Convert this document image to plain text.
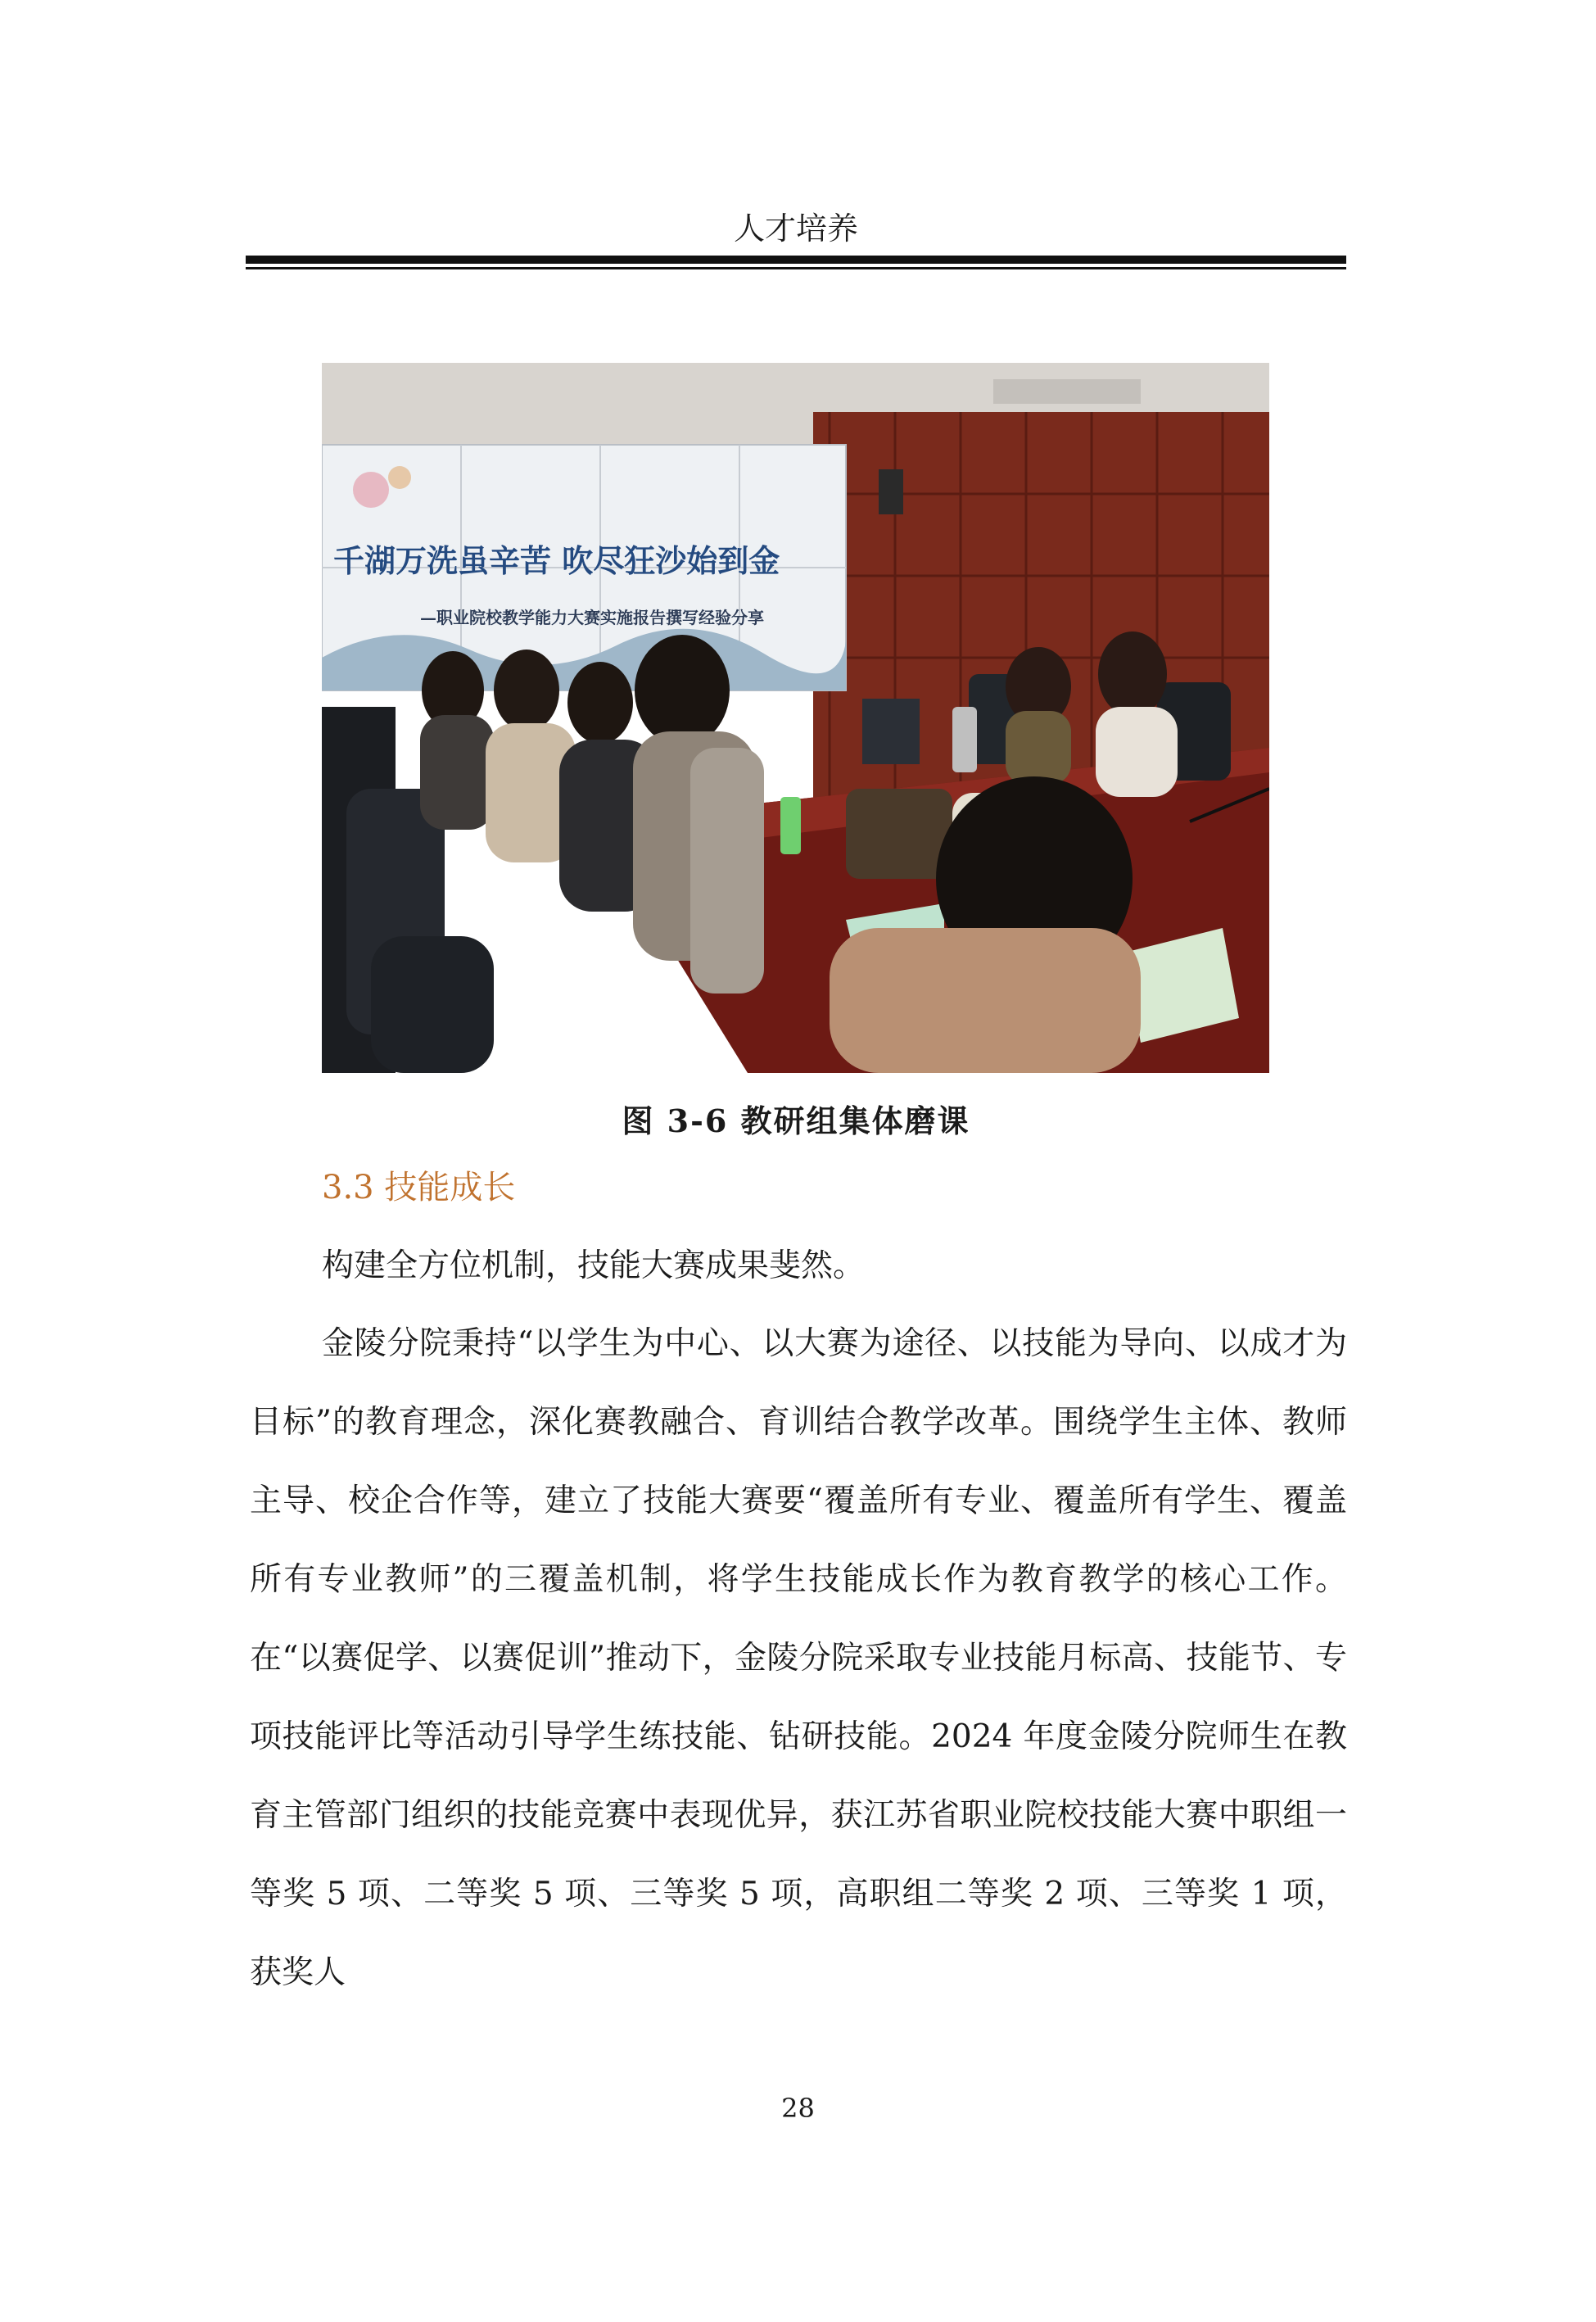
人才培养
千湖万洗虽辛苦 吹尽狂沙始到金
—职业院校教学能力大赛实施报告撰写经验分享
图 3-6 教研组集体磨课
3.3 技能成长
构建全方位机制，技能大赛成果斐然。
金陵分院秉持“以学生为中心、以大赛为途径、以技能为导向、以成才为目标”的教育理念，深化赛教融合、育训结合教学改革。围绕学生主体、教师主导、校企合作等，建立了技能大赛要“覆盖所有专业、覆盖所有学生、覆盖所有专业教师”的三覆盖机制，将学生技能成长作为教育教学的核心工作。在“以赛促学、以赛促训”推动下，金陵分院采取专业技能月标高、技能节、专项技能评比等活动引导学生练技能、钻研技能。2024 年度金陵分院师生在教育主管部门组织的技能竞赛中表现优异，获江苏省职业院校技能大赛中职组一等奖 5 项、二等奖 5 项、三等奖 5 项，高职组二等奖 2 项、三等奖 1 项，获奖人
28
